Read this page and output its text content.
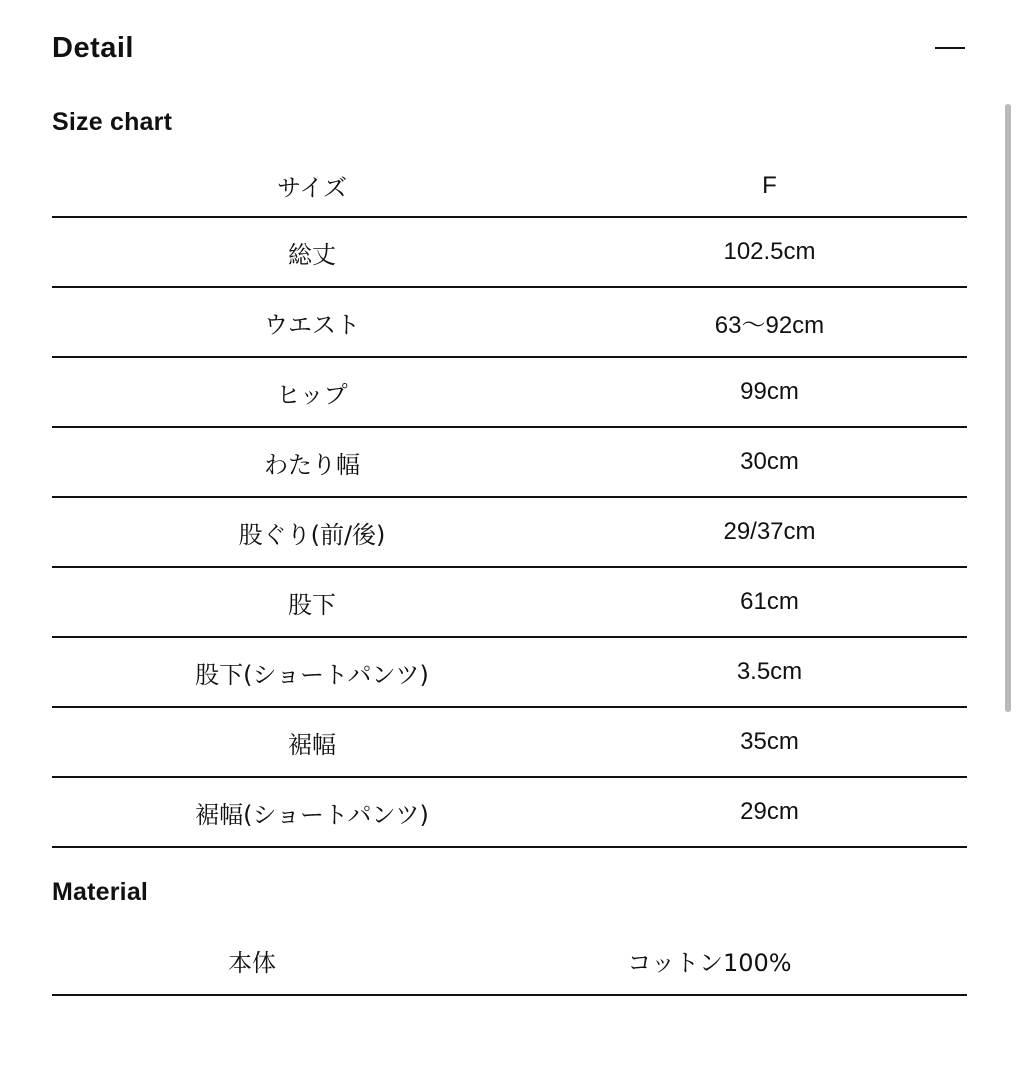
Detail
Size chart
サイズ	F
総丈	102.5cm
ウエスト	63〜92cm
ヒップ	99cm
わたり幅	30cm
股ぐり(前/後)	29/37cm
股下	61cm
股下(ショートパンツ)	3.5cm
裾幅	35cm
裾幅(ショートパンツ)	29cm
Material
本体	コットン100%
